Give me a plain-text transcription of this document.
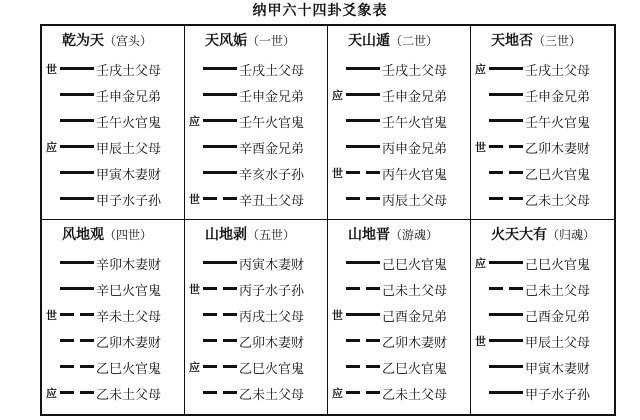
纳甲六十四卦爻象表
乾为天（宫头）
世	壬戌土父母
壬申金兄弟
壬午火官鬼
应	甲辰土父母
甲寅木妻财
甲子水子孙
天风姤（一世）
壬戌土父母
壬申金兄弟
应	壬午火官鬼
辛酉金兄弟
辛亥水子孙
世	辛丑土父母
天山遁（二世）
壬戌土父母
应	壬申金兄弟
壬午火官鬼
丙申金兄弟
世	丙午火官鬼
丙辰土父母
天地否（三世）
应	壬戌土父母
壬申金兄弟
壬午火官鬼
世	乙卯木妻财
乙巳火官鬼
乙未土父母
风地观（四世）
辛卯木妻财
辛巳火官鬼
世	辛未土父母
乙卯木妻财
乙巳火官鬼
应	乙未土父母
山地剥（五世）
丙寅木妻财
世	丙子水子孙
丙戌土父母
乙卯木妻财
应	乙巳火官鬼
乙未土父母
山地晋（游魂）
己巳火官鬼
己未土父母
世	己酉金兄弟
乙卯木妻财
乙巳火官鬼
应	乙未土父母
火天大有（归魂）
应	己巳火官鬼
己未土父母
己酉金兄弟
世	甲辰土父母
甲寅木妻财
甲子水子孙
